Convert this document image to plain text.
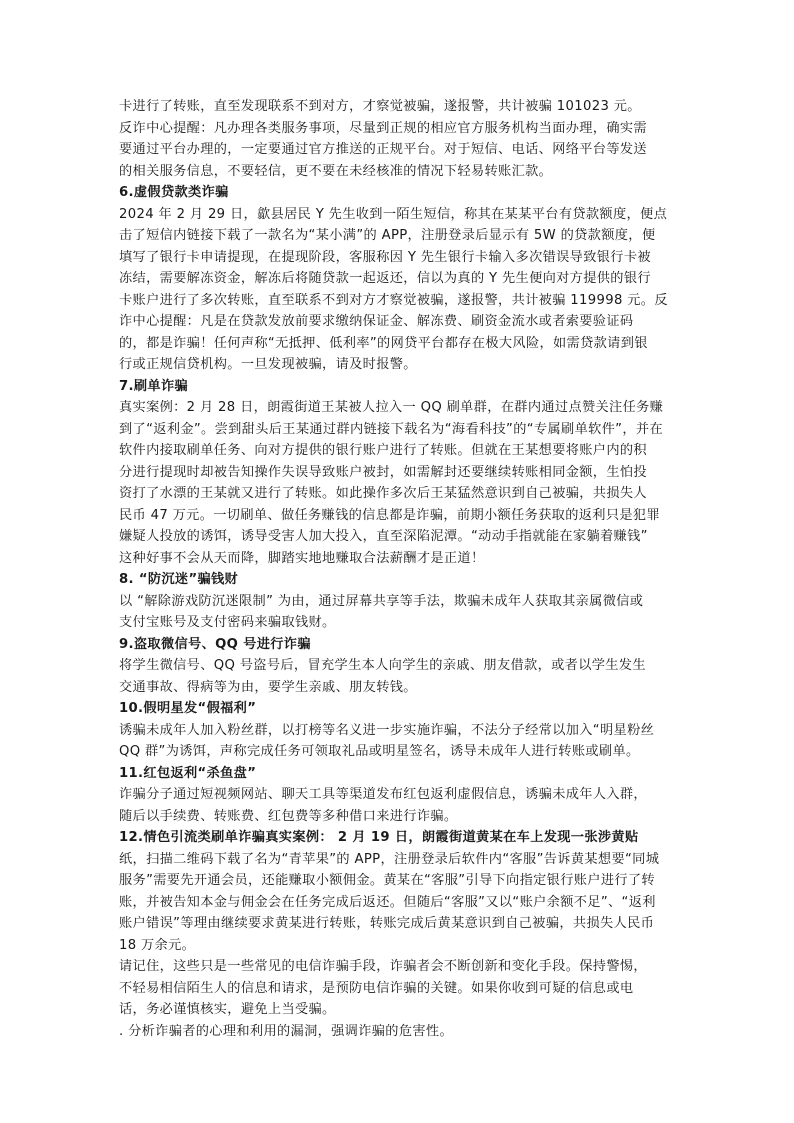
卡进行了转账，直至发现联系不到对方，才察觉被骗，遂报警，共计被骗 101023 元。
反诈中心提醒：凡办理各类服务事项，尽量到正规的相应官方服务机构当面办理，确实需
要通过平台办理的，一定要通过官方推送的正规平台。对于短信、电话、网络平台等发送
的相关服务信息，不要轻信，更不要在未经核准的情况下轻易转账汇款。
6.虚假贷款类诈骗
2024 年 2 月 29 日，歙县居民 Y 先生收到一陌生短信，称其在某某平台有贷款额度，便点
击了短信内链接下载了一款名为“某小满”的 APP，注册登录后显示有 5W 的贷款额度，便
填写了银行卡申请提现，在提现阶段，客服称因 Y 先生银行卡输入多次错误导致银行卡被
冻结，需要解冻资金，解冻后将随贷款一起返还，信以为真的 Y 先生便向对方提供的银行
卡账户进行了多次转账，直至联系不到对方才察觉被骗，遂报警，共计被骗 119998 元。反
诈中心提醒：凡是在贷款发放前要求缴纳保证金、解冻费、刷资金流水或者索要验证码
的，都是诈骗！任何声称“无抵押、低利率”的网贷平台都存在极大风险，如需贷款请到银
行或正规信贷机构。一旦发现被骗，请及时报警。
7.刷单诈骗
真实案例：2 月 28 日，朗霞街道王某被人拉入一 QQ 刷单群，在群内通过点赞关注任务赚
到了“返利金”。尝到甜头后王某通过群内链接下载名为“海看科技”的“专属刷单软件”，并在
软件内接取刷单任务、向对方提供的银行账户进行了转账。但就在王某想要将账户内的积
分进行提现时却被告知操作失误导致账户被封，如需解封还要继续转账相同金额，生怕投
资打了水漂的王某就又进行了转账。如此操作多次后王某猛然意识到自己被骗，共损失人
民币 47 万元。一切刷单、做任务赚钱的信息都是诈骗，前期小额任务获取的返利只是犯罪
嫌疑人投放的诱饵，诱导受害人加大投入，直至深陷泥潭。“动动手指就能在家躺着赚钱”
这种好事不会从天而降，脚踏实地地赚取合法薪酬才是正道！
8. “防沉迷”骗钱财
以 “解除游戏防沉迷限制” 为由，通过屏幕共享等手法，欺骗未成年人获取其亲属微信或
支付宝账号及支付密码来骗取钱财。
9.盗取微信号、QQ 号进行诈骗
将学生微信号、QQ 号盗号后，冒充学生本人向学生的亲戚、朋友借款，或者以学生发生
交通事故、得病等为由，要学生亲戚、朋友转钱。
10.假明星发“假福利”
诱骗未成年人加入粉丝群，以打榜等名义进一步实施诈骗，不法分子经常以加入“明星粉丝
QQ 群”为诱饵，声称完成任务可领取礼品或明星签名，诱导未成年人进行转账或刷单。
11.红包返利“杀鱼盘”
诈骗分子通过短视频网站、聊天工具等渠道发布红包返利虚假信息，诱骗未成年人入群，
随后以手续费、转账费、红包费等多种借口来进行诈骗。
12.情色引流类刷单诈骗真实案例： 2 月 19 日，朗霞街道黄某在车上发现一张涉黄贴
纸，扫描二维码下载了名为“青苹果”的 APP，注册登录后软件内“客服”告诉黄某想要“同城
服务”需要先开通会员，还能赚取小额佣金。黄某在“客服”引导下向指定银行账户进行了转
账，并被告知本金与佣金会在任务完成后返还。但随后“客服”又以“账户余额不足”、“返利
账户错误”等理由继续要求黄某进行转账，转账完成后黄某意识到自己被骗，共损失人民币
18 万余元。
请记住，这些只是一些常见的电信诈骗手段，诈骗者会不断创新和变化手段。保持警惕，
不轻易相信陌生人的信息和请求，是预防电信诈骗的关键。如果你收到可疑的信息或电
话，务必谨慎核实，避免上当受骗。
. 分析诈骗者的心理和利用的漏洞，强调诈骗的危害性。
